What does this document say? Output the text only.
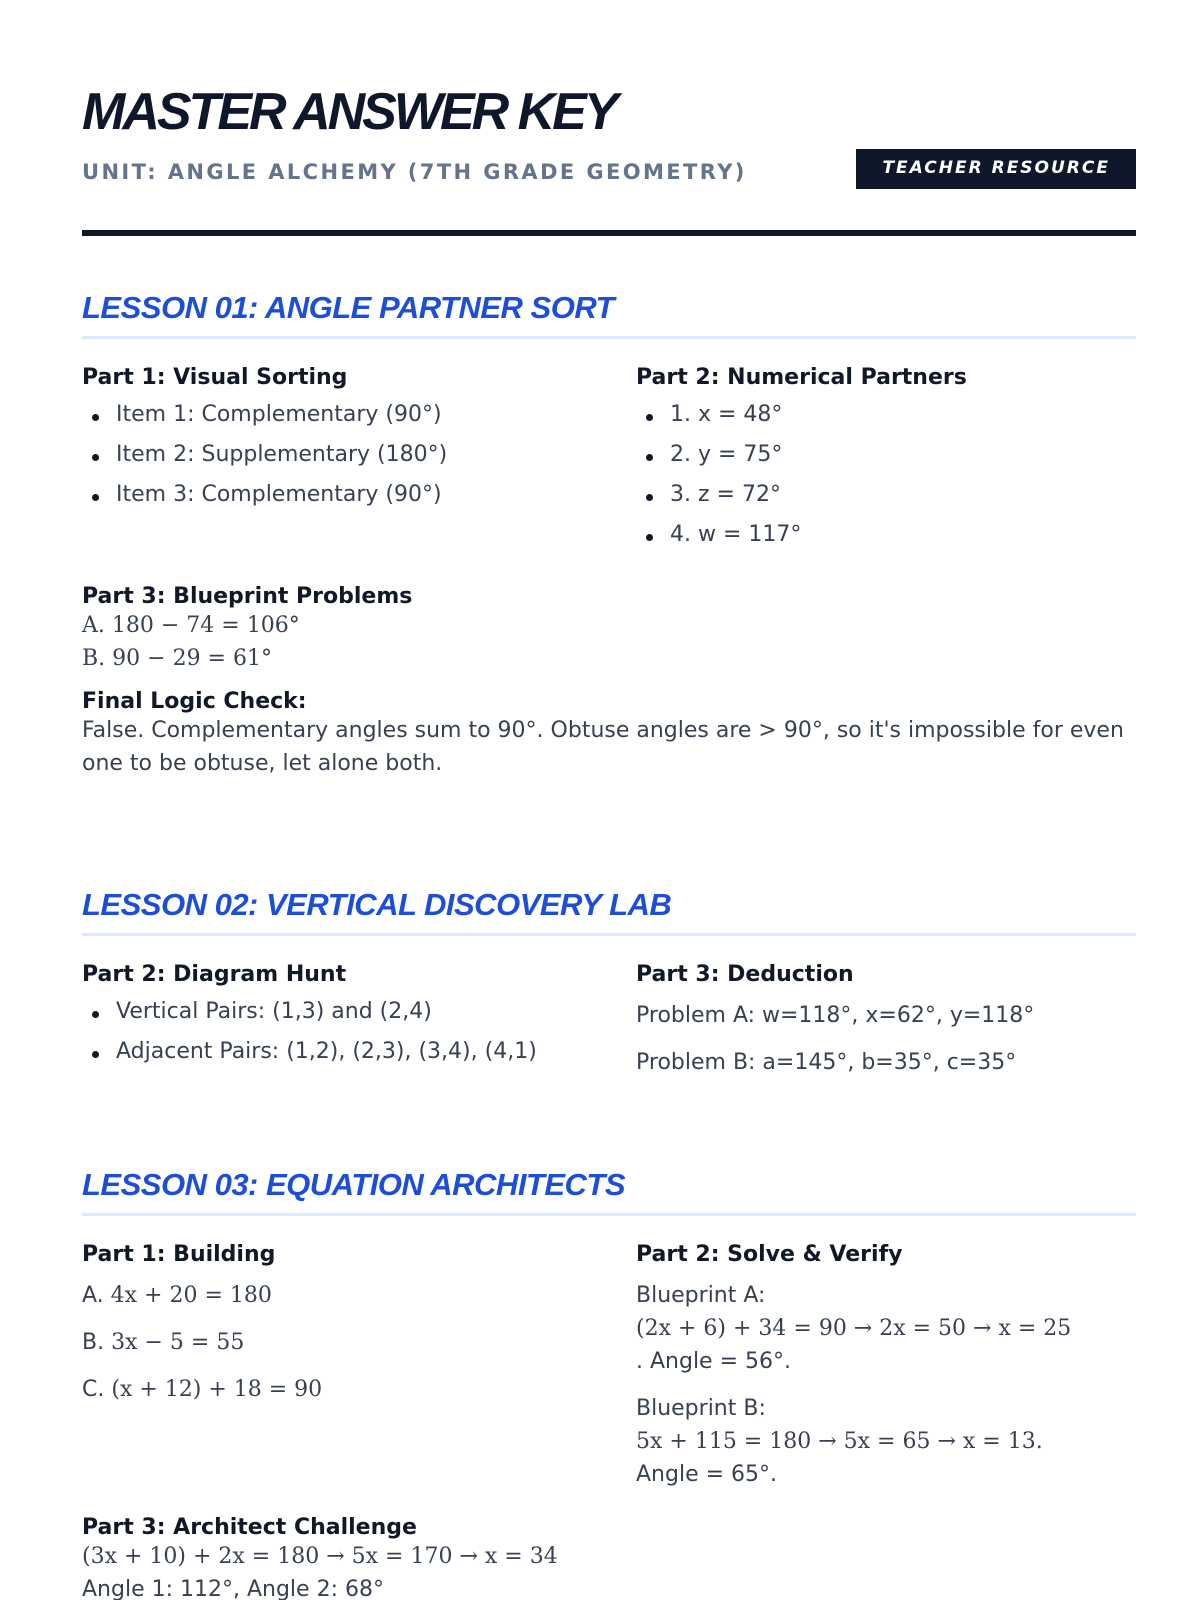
MASTER ANSWER KEY
UNIT: ANGLE ALCHEMY (7TH GRADE GEOMETRY)	TEACHER RESOURCE
LESSON 01: ANGLE PARTNER SORT
Part 1: Visual Sorting
Item 1: Complementary (90°)
Item 2: Supplementary (180°)
Item 3: Complementary (90°)
Part 2: Numerical Partners
1. x = 48°
2. y = 75°
3. z = 72°
4. w = 117°
Part 3: Blueprint Problems

A. 180 − 74 = 106°

B. 90 − 29 = 61°

Final Logic Check:

False. Complementary angles sum to 90°. Obtuse angles are > 90°, so it's impossible for even one to be obtuse, let alone both.

LESSON 02: VERTICAL DISCOVERY LAB
Part 2: Diagram Hunt
Vertical Pairs: (1,3) and (2,4)
Adjacent Pairs: (1,2), (2,3), (3,4), (4,1)
Part 3: Deduction

Problem A: w=118°, x=62°, y=118°

Problem B: a=145°, b=35°, c=35°

LESSON 03: EQUATION ARCHITECTS
Part 1: Building

A. 4x + 20 = 180

B. 3x − 5 = 55

C. (x + 12) + 18 = 90

Part 2: Solve & Verify

Blueprint A:

(2x + 6) + 34 = 90 → 2x = 50 → x = 25

. Angle = 56°.

Blueprint B:

5x + 115 = 180 → 5x = 65 → x = 13.

Angle = 65°.

Part 3: Architect Challenge

(3x + 10) + 2x = 180 → 5x = 170 → x = 34

Angle 1: 112°, Angle 2: 68°
